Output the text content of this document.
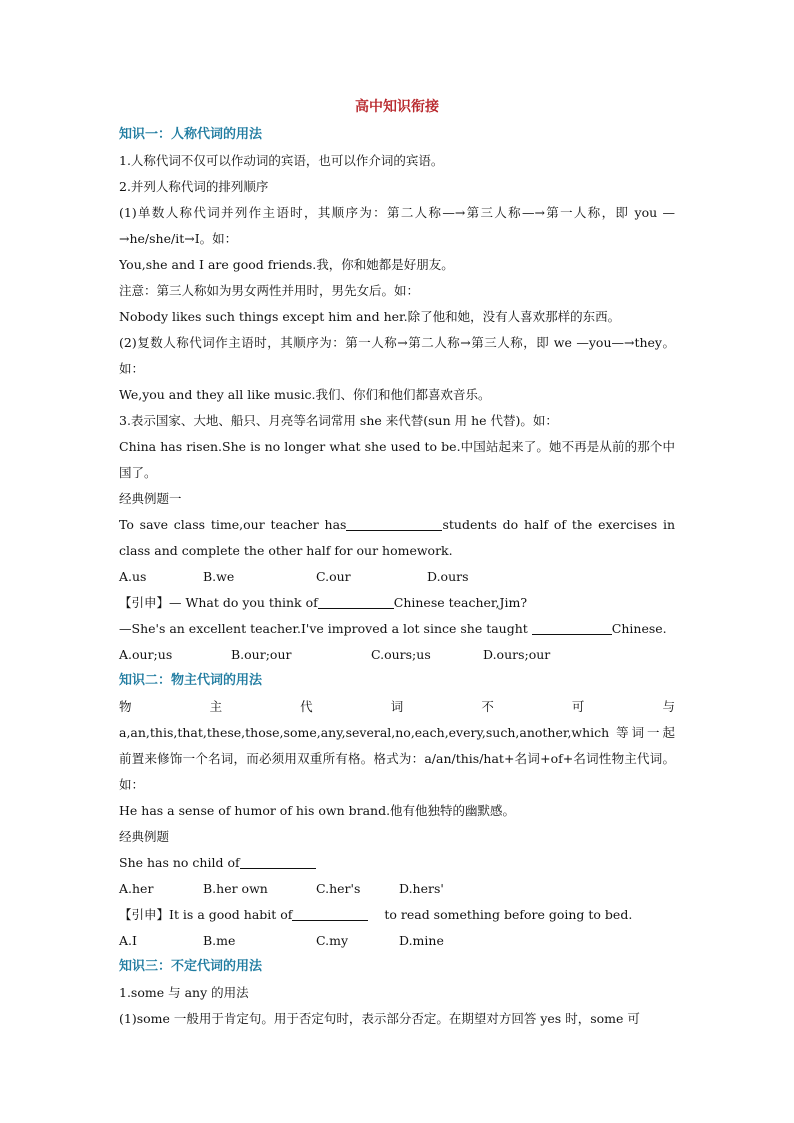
高中知识衔接
知识一：人称代词的用法
1.人称代词不仅可以作动词的宾语，也可以作介词的宾语。
2.并列人称代词的排列顺序
(1)单数人称代词并列作主语时，其顺序为：第二人称—→第三人称—→第一人称，即 you —→he/she/it→I。如：
You,she and I are good friends.我，你和她都是好朋友。
注意：第三人称如为男女两性并用时，男先女后。如：
Nobody likes such things except him and her.除了他和她，没有人喜欢那样的东西。
(2)复数人称代词作主语时，其顺序为：第一人称→第二人称→第三人称，即 we —you—→they。如：
We,you and they all like music.我们、你们和他们都喜欢音乐。
3.表示国家、大地、船只、月亮等名词常用 she 来代替(sun 用 he 代替)。如：
China has risen.She is no longer what she used to be.中国站起来了。她不再是从前的那个中国了。
经典例题一
To save class time,our teacher has	students do half of the exercises in class and complete the other half for our homework.
A.us	B.we	C.our	D.ours
【引申】— What do you think of	Chinese teacher,Jim?
—She's an excellent teacher.I've improved a lot since she taught	Chinese.
A.our;us	B.our;our	C.ours;us	D.ours;our
知识二：物主代词的用法
物主代词不可与 a,an,this,that,these,those,some,any,several,no,each,every,such,another,which 等词一起前置来修饰一个名词，而必须用双重所有格。格式为：a/an/this/hat+名词+of+名词性物主代词。如：
He has a sense of humor of his own brand.他有他独特的幽默感。
经典例题
She has no child of
A.her	B.her own	C.her's	D.hers'
【引申】It is a good habit of	to read something before going to bed.
A.I	B.me	C.my	D.mine
知识三：不定代词的用法
1.some 与 any 的用法
(1)some 一般用于肯定句。用于否定句时，表示部分否定。在期望对方回答 yes 时，some 可
